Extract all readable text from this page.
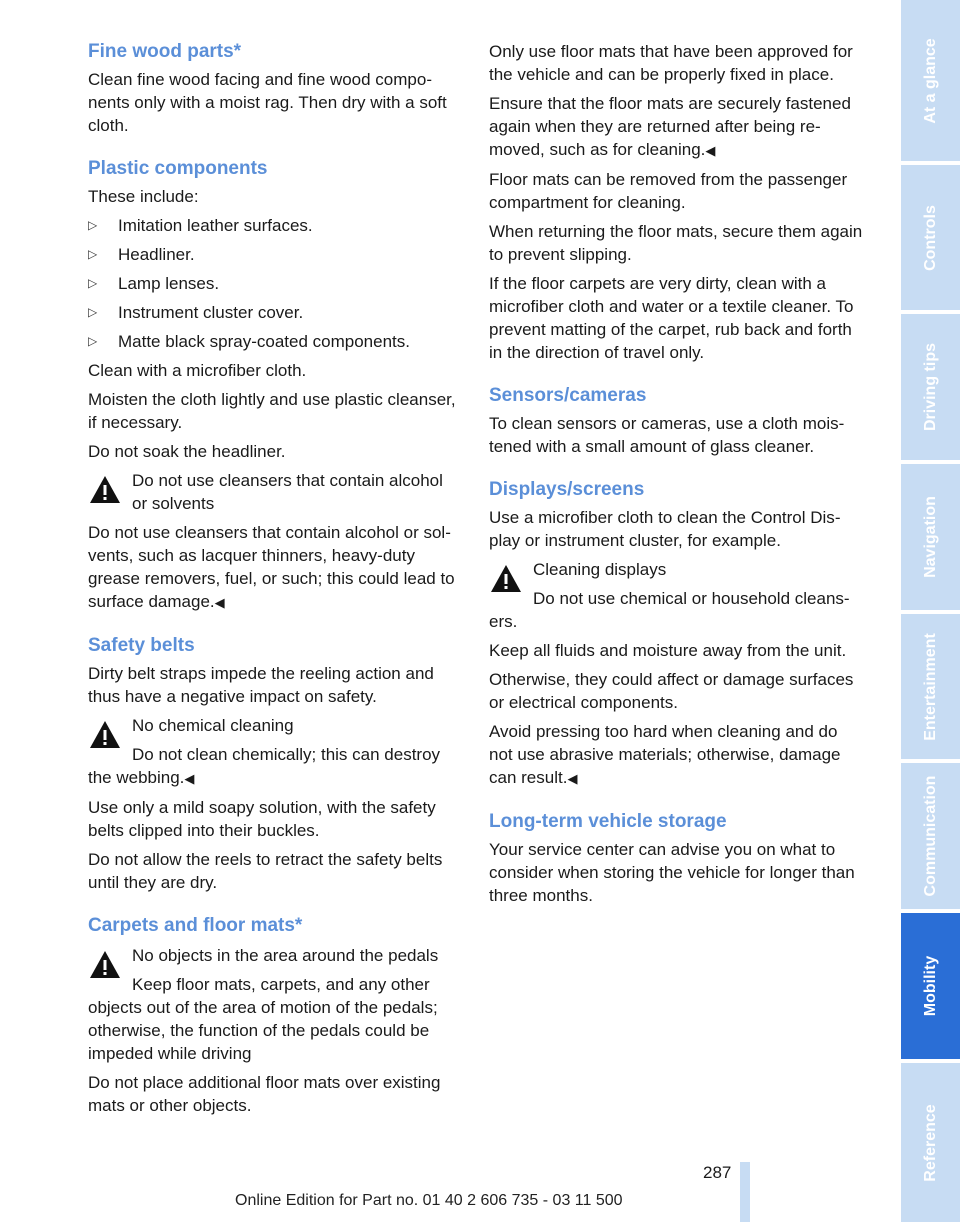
Fine wood parts*

Clean fine wood facing and fine wood components only with a moist rag. Then dry with a soft cloth.

Plastic components

These include:

▷ Imitation leather surfaces.
▷ Headliner.
▷ Lamp lenses.
▷ Instrument cluster cover.
▷ Matte black spray-coated components.

Clean with a microfiber cloth.

Moisten the cloth lightly and use plastic cleanser, if necessary.

Do not soak the headliner.

Do not use cleansers that contain alcohol

or solvents

Do not use cleansers that contain alcohol or solvents, such as lacquer thinners, heavy-duty grease removers, fuel, or such; this could lead to surface damage.◀

Safety belts

Dirty belt straps impede the reeling action and thus have a negative impact on safety.

No chemical cleaning

Do not clean chemically; this can destroy the webbing.◀

Use only a mild soapy solution, with the safety belts clipped into their buckles.

Do not allow the reels to retract the safety belts until they are dry.

Carpets and floor mats*

No objects in the area around the pedals

Keep floor mats, carpets, and any other objects out of the area of motion of the pedals; otherwise, the function of the pedals could be impeded while driving

Do not place additional floor mats over existing mats or other objects.

Only use floor mats that have been approved for the vehicle and can be properly fixed in place.

Ensure that the floor mats are securely fastened again when they are returned after being removed, such as for cleaning.◀

Floor mats can be removed from the passenger compartment for cleaning.

When returning the floor mats, secure them again to prevent slipping.

If the floor carpets are very dirty, clean with a microfiber cloth and water or a textile cleaner. To prevent matting of the carpet, rub back and forth in the direction of travel only.

Sensors/cameras

To clean sensors or cameras, use a cloth moistened with a small amount of glass cleaner.

Displays/screens

Use a microfiber cloth to clean the Control Display or instrument cluster, for example.

Cleaning displays

Do not use chemical or household cleansers.

Keep all fluids and moisture away from the unit.

Otherwise, they could affect or damage surfaces or electrical components.

Avoid pressing too hard when cleaning and do not use abrasive materials; otherwise, damage can result.◀

Long-term vehicle storage

Your service center can advise you on what to consider when storing the vehicle for longer than three months.

At a glance
Controls
Driving tips
Navigation
Entertainment
Communication
Mobility
Reference
287
Online Edition for Part no. 01 40 2 606 735 - 03 11 500
